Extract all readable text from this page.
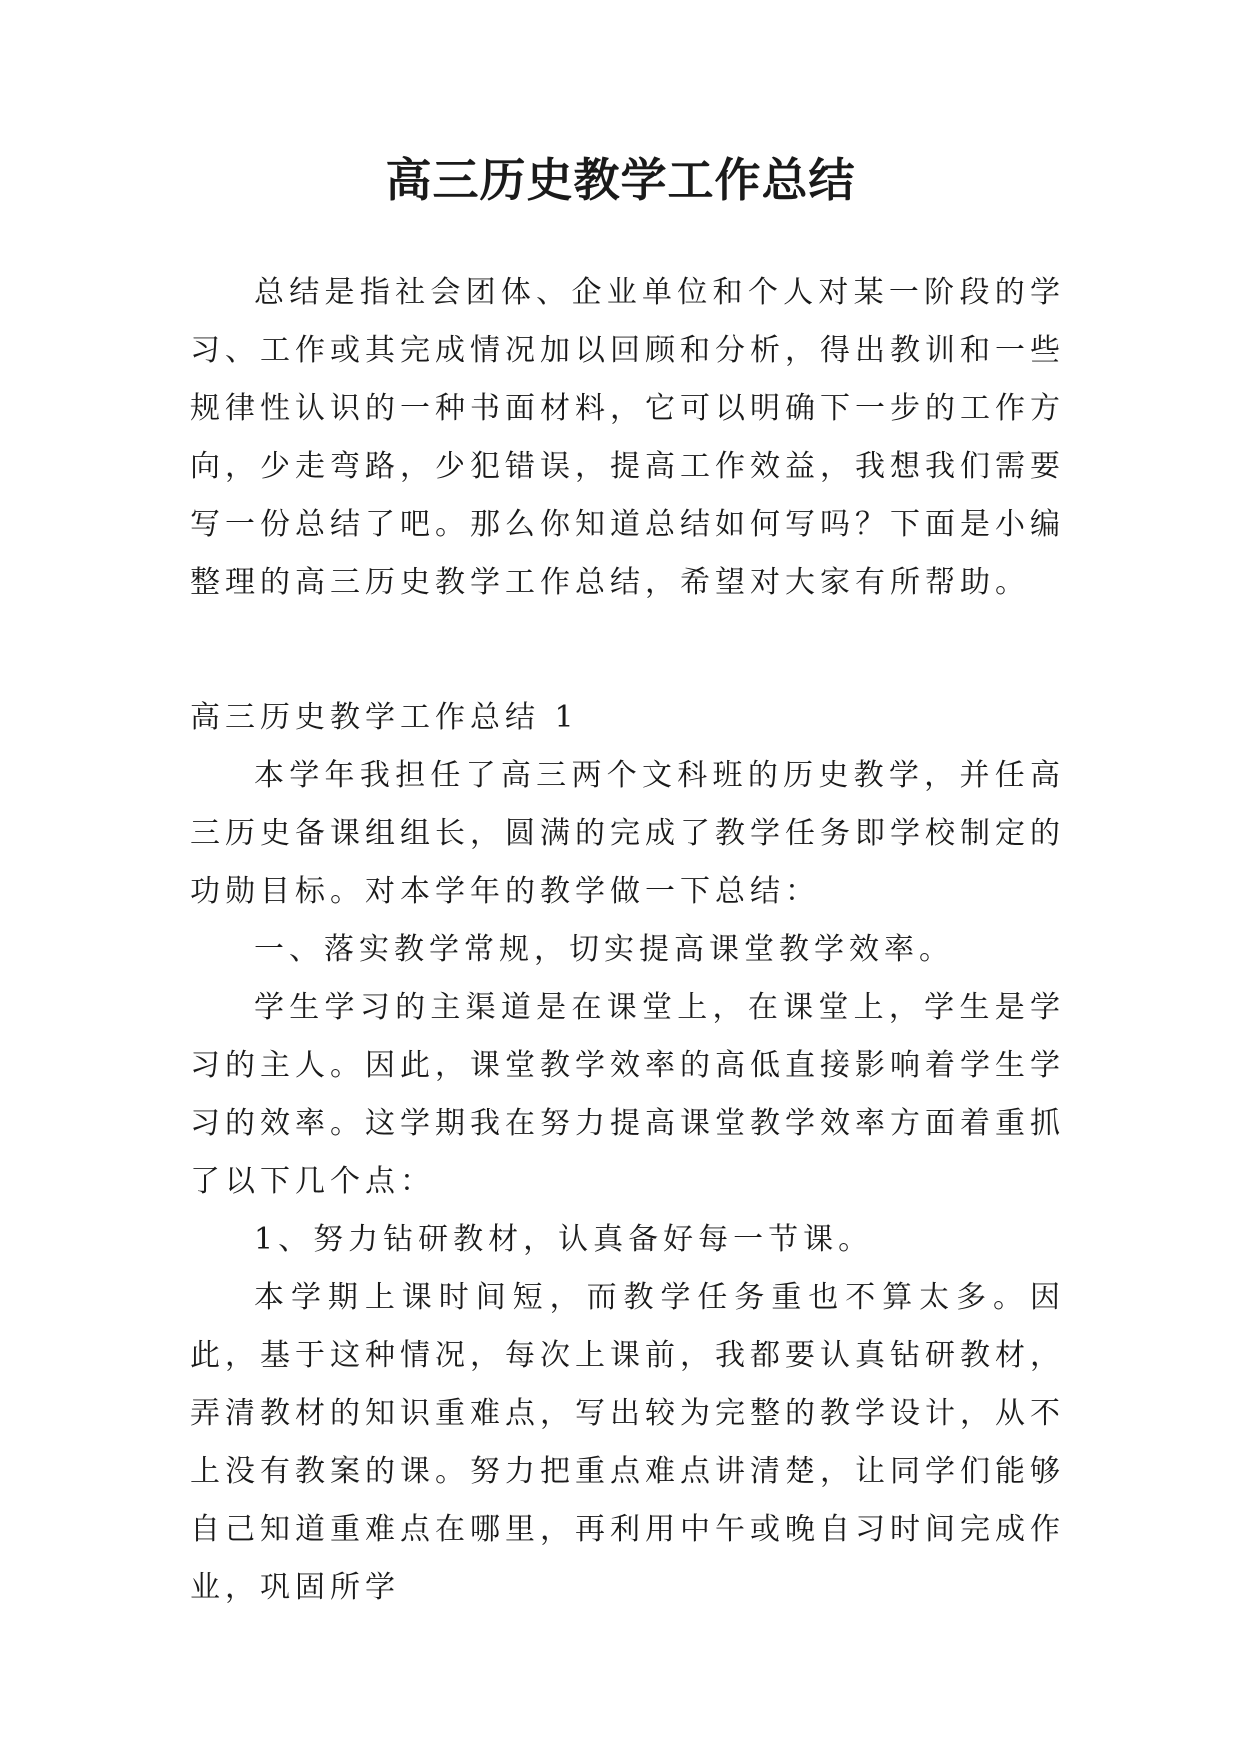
高三历史教学工作总结

总结是指社会团体、企业单位和个人对某一阶段的学习、工作或其完成情况加以回顾和分析，得出教训和一些规律性认识的一种书面材料，它可以明确下一步的工作方向，少走弯路，少犯错误，提高工作效益，我想我们需要写一份总结了吧。那么你知道总结如何写吗？下面是小编整理的高三历史教学工作总结，希望对大家有所帮助。

高三历史教学工作总结 1

本学年我担任了高三两个文科班的历史教学，并任高三历史备课组组长，圆满的完成了教学任务即学校制定的功勋目标。对本学年的教学做一下总结：

一、落实教学常规，切实提高课堂教学效率。

学生学习的主渠道是在课堂上，在课堂上，学生是学习的主人。因此，课堂教学效率的高低直接影响着学生学习的效率。这学期我在努力提高课堂教学效率方面着重抓了以下几个点：

1、努力钻研教材，认真备好每一节课。

本学期上课时间短，而教学任务重也不算太多。因此，基于这种情况，每次上课前，我都要认真钻研教材，弄清教材的知识重难点，写出较为完整的教学设计，从不上没有教案的课。努力把重点难点讲清楚，让同学们能够自己知道重难点在哪里，再利用中午或晚自习时间完成作业，巩固所学
